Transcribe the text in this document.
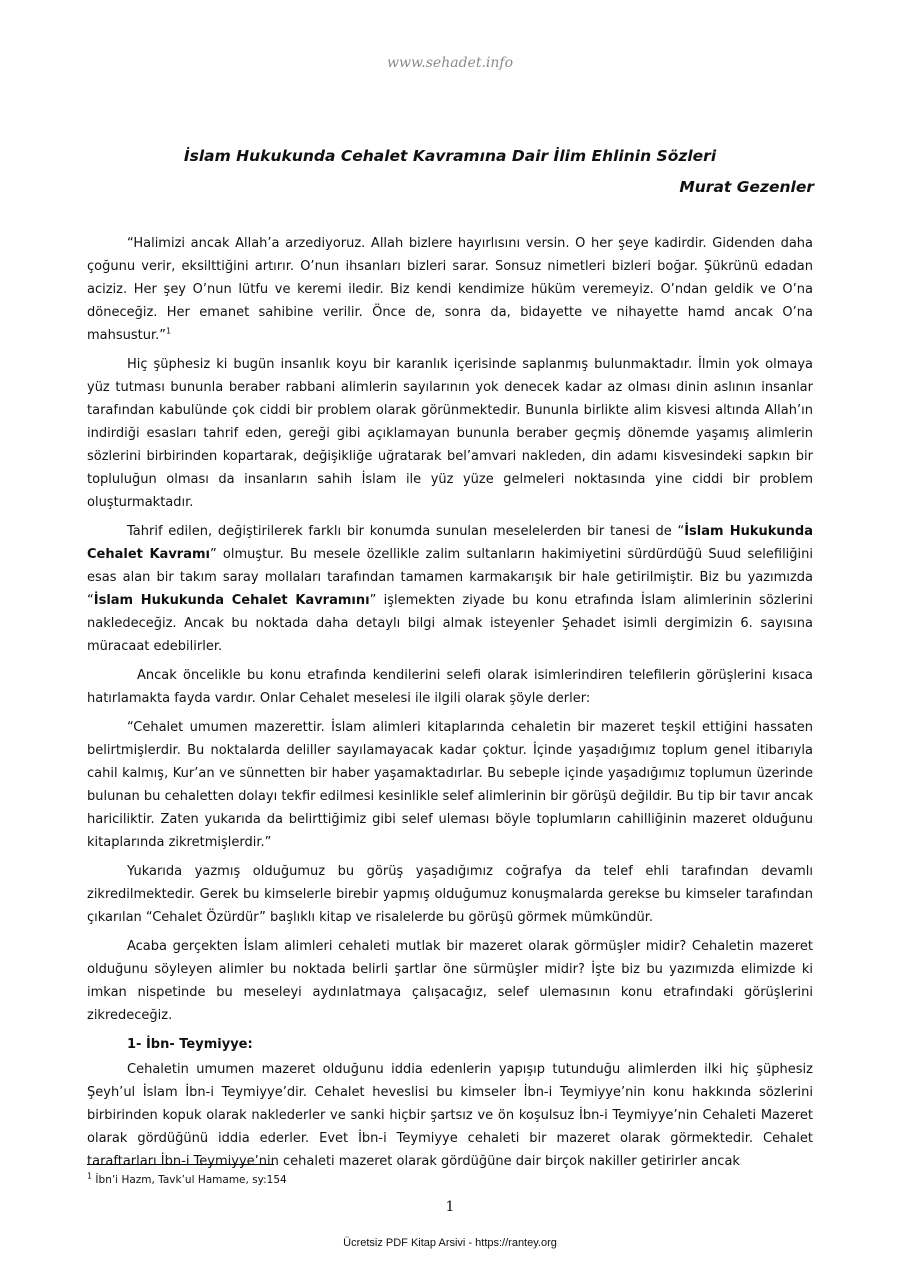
www.sehadet.info
İslam Hukukunda Cehalet Kavramına Dair İlim Ehlinin Sözleri
Murat Gezenler

“Halimizi ancak Allah’a arzediyoruz. Allah bizlere hayırlısını versin. O her şeye kadirdir. Gidenden daha çoğunu verir, eksilttiğini artırır. O’nun ihsanları bizleri sarar. Sonsuz nimetleri bizleri boğar. Şükrünü edadan aciziz. Her şey O’nun lütfu ve keremi iledir. Biz kendi kendimize hüküm veremeyiz. O’ndan geldik ve O’na döneceğiz. Her emanet sahibine verilir. Önce de, sonra da, bidayette ve nihayette hamd ancak O’na mahsustur.”$^1$

Hiç şüphesiz ki bugün insanlık koyu bir karanlık içerisinde saplanmış bulunmaktadır. İlmin yok olmaya yüz tutması bununla beraber rabbani alimlerin sayılarının yok denecek kadar az olması dinin aslının insanlar tarafından kabulünde çok ciddi bir problem olarak görünmektedir. Bununla birlikte alim kisvesi altında Allah’ın indirdiği esasları tahrif eden, gereği gibi açıklamayan bununla beraber geçmiş dönemde yaşamış alimlerin sözlerini birbirinden kopartarak, değişikliğe uğratarak bel’amvari nakleden, din adamı kisvesindeki sapkın bir topluluğun olması da insanların sahih İslam ile yüz yüze gelmeleri noktasında yine ciddi bir problem oluşturmaktadır.

Tahrif edilen, değiştirilerek farklı bir konumda sunulan meselelerden bir tanesi de “İslam Hukukunda Cehalet Kavramı” olmuştur. Bu mesele özellikle zalim sultanların hakimiyetini sürdürdüğü Suud selefiliğini esas alan bir takım saray mollaları tarafından tamamen karmakarışık bir hale getirilmiştir. Biz bu yazımızda “İslam Hukukunda Cehalet Kavramını” işlemekten ziyade bu konu etrafında İslam alimlerinin sözlerini nakledeceğiz. Ancak bu noktada daha detaylı bilgi almak isteyenler Şehadet isimli dergimizin 6. sayısına müracaat edebilirler.

Ancak öncelikle bu konu etrafında kendilerini selefi olarak isimlerindiren telefilerin görüşlerini kısaca hatırlamakta fayda vardır. Onlar Cehalet meselesi ile ilgili olarak şöyle derler:

“Cehalet umumen mazerettir. İslam alimleri kitaplarında cehaletin bir mazeret teşkil ettiğini hassaten belirtmişlerdir. Bu noktalarda deliller sayılamayacak kadar çoktur. İçinde yaşadığımız toplum genel itibarıyla cahil kalmış, Kur’an ve sünnetten bir haber yaşamaktadırlar. Bu sebeple içinde yaşadığımız toplumun üzerinde bulunan bu cehaletten dolayı tekfir edilmesi kesinlikle selef alimlerinin bir görüşü değildir. Bu tip bir tavır ancak hariciliktir. Zaten yukarıda da belirttiğimiz gibi selef uleması böyle toplumların cahilliğinin mazeret olduğunu kitaplarında zikretmişlerdir.”

Yukarıda yazmış olduğumuz bu görüş yaşadığımız coğrafya da telef ehli tarafından devamlı zikredilmektedir. Gerek bu kimselerle birebir yapmış olduğumuz konuşmalarda gerekse bu kimseler tarafından çıkarılan “Cehalet Özürdür” başlıklı kitap ve risalelerde bu görüşü görmek mümkündür.

Acaba gerçekten İslam alimleri cehaleti mutlak bir mazeret olarak görmüşler midir? Cehaletin mazeret olduğunu söyleyen alimler bu noktada belirli şartlar öne sürmüşler midir? İşte biz bu yazımızda elimizde ki imkan nispetinde bu meseleyi aydınlatmaya çalışacağız, selef ulemasının konu etrafındaki görüşlerini zikredeceğiz.

1- İbn- Teymiyye:

Cehaletin umumen mazeret olduğunu iddia edenlerin yapışıp tutunduğu alimlerden ilki hiç şüphesiz Şeyh’ul İslam İbn-i Teymiyye’dir. Cehalet heveslisi bu kimseler İbn-i Teymiyye’nin konu hakkında sözlerini birbirinden kopuk olarak naklederler ve sanki hiçbir şartsız ve ön koşulsuz İbn-i Teymiyye’nin Cehaleti Mazeret olarak gördüğünü iddia ederler. Evet İbn-i Teymiyye cehaleti bir mazeret olarak görmektedir. Cehalet taraftarları İbn-i Teymiyye’nin cehaleti mazeret olarak gördüğüne dair birçok nakiller getirirler ancak

$^1$ İbn’i Hazm, Tavk’ul Hamame, sy:154
1
Ücretsiz PDF Kitap Arsivi - https://rantey.org
